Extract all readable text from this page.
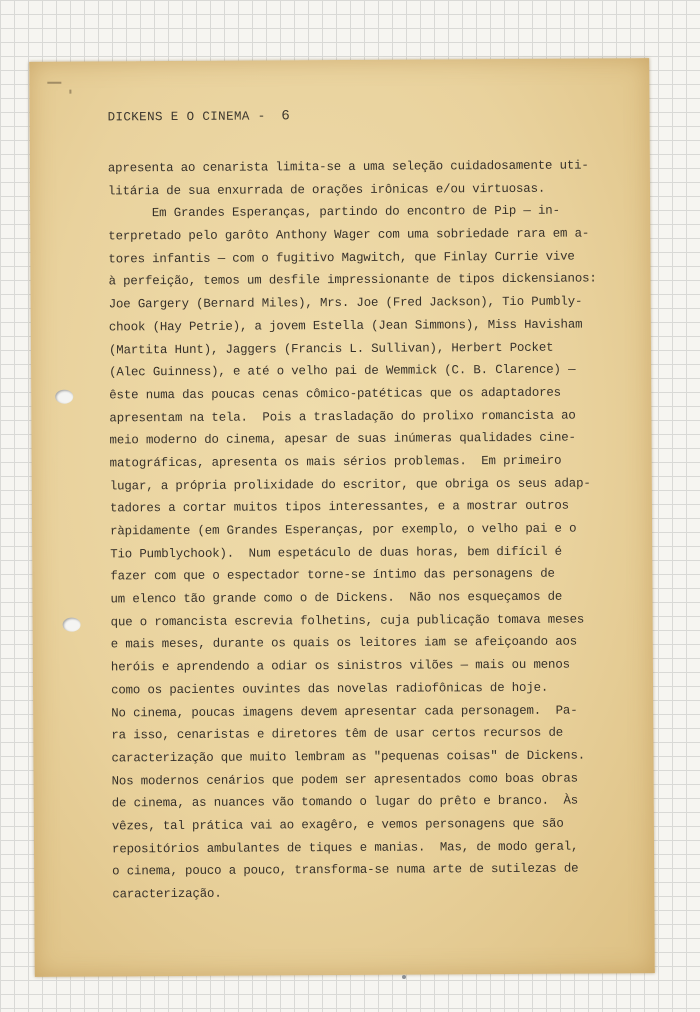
DICKENS E O CINEMA - 6
apresenta ao cenarista limita-se a uma seleção cuidadosamente uti-
litária de sua enxurrada de orações irônicas e/ou virtuosas.
Em Grandes Esperanças, partindo do encontro de Pip — in-
terpretado pelo garôto Anthony Wager com uma sobriedade rara em a-
tores infantis — com o fugitivo Magwitch, que Finlay Currie vive
à perfeição, temos um desfile impressionante de tipos dickensianos:
Joe Gargery (Bernard Miles), Mrs. Joe (Fred Jackson), Tio Pumbly-
chook (Hay Petrie), a jovem Estella (Jean Simmons), Miss Havisham
(Martita Hunt), Jaggers (Francis L. Sullivan), Herbert Pocket
(Alec Guinness), e até o velho pai de Wemmick (C. B. Clarence) —
êste numa das poucas cenas cômico-patéticas que os adaptadores
apresentam na tela.  Pois a trasladação do prolixo romancista ao
meio moderno do cinema, apesar de suas inúmeras qualidades cine-
matográficas, apresenta os mais sérios problemas.  Em primeiro
lugar, a própria prolixidade do escritor, que obriga os seus adap-
tadores a cortar muitos tipos interessantes, e a mostrar outros
ràpidamente (em Grandes Esperanças, por exemplo, o velho pai e o
Tio Pumblychook).  Num espetáculo de duas horas, bem difícil é
fazer com que o espectador torne-se íntimo das personagens de
um elenco tão grande como o de Dickens.  Não nos esqueçamos de
que o romancista escrevia folhetins, cuja publicação tomava meses
e mais meses, durante os quais os leitores iam se afeiçoando aos
heróis e aprendendo a odiar os sinistros vilões — mais ou menos
como os pacientes ouvintes das novelas radiofônicas de hoje.
No cinema, poucas imagens devem apresentar cada personagem.  Pa-
ra isso, cenaristas e diretores têm de usar certos recursos de
caracterização que muito lembram as "pequenas coisas" de Dickens.
Nos modernos cenários que podem ser apresentados como boas obras
de cinema, as nuances vão tomando o lugar do prêto e branco.  Às
vêzes, tal prática vai ao exagêro, e vemos personagens que são
repositórios ambulantes de tiques e manias.  Mas, de modo geral,
o cinema, pouco a pouco, transforma-se numa arte de sutilezas de
caracterização.
